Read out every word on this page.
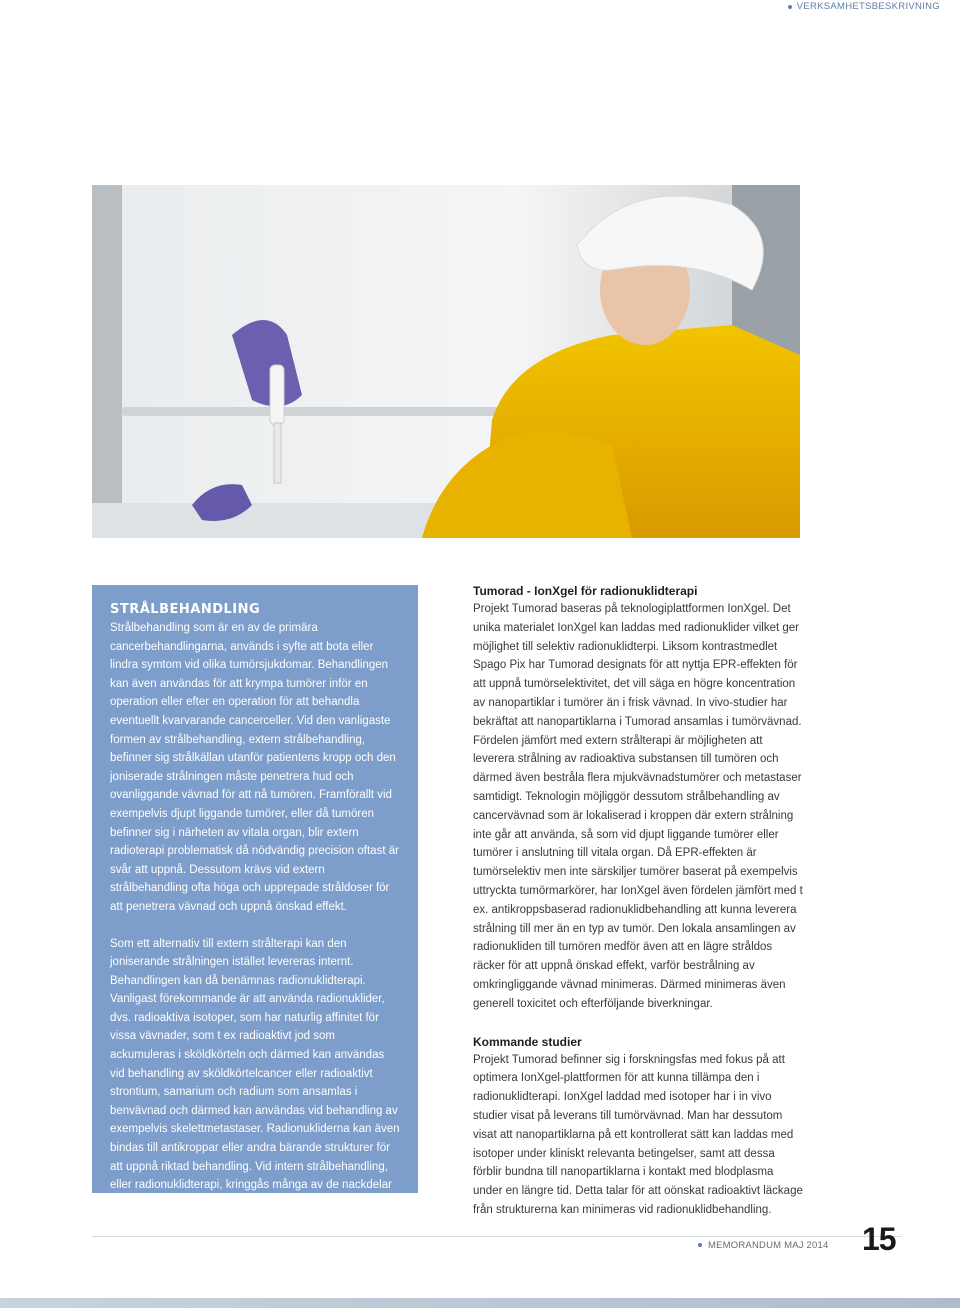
VERKSAMHETSBESKRIVNING
STRÅLBEHANDLING

Strålbehandling som är en av de primära cancerbehandlingarna, används i syfte att bota eller lindra symtom vid olika tumörsjukdomar. Behandlingen kan även användas för att krympa tumörer inför en operation eller efter en operation för att behandla eventuellt kvarvarande cancerceller. Vid den vanligaste formen av strålbehandling, extern strålbehandling, befinner sig strålkällan utanför patientens kropp och den joniserade strålningen måste penetrera hud och ovanliggande vävnad för att nå tumören. Framförallt vid exempelvis djupt liggande tumörer, eller då tumören befinner sig i närheten av vitala organ, blir extern radioterapi problematisk då nödvändig precision oftast är svår att uppnå. Dessutom krävs vid extern strålbehandling ofta höga och upprepade stråldoser för att penetrera vävnad och uppnå önskad effekt.

Som ett alternativ till extern strålterapi kan den joniserande strålningen istället levereras internt. Behandlingen kan då benämnas radionuklidterapi. Vanligast förekommande är att använda radionuklider, dvs. radioaktiva isotoper, som har naturlig affinitet för vissa vävnader, som t ex radioaktivt jod som ackumuleras i sköldkörteln och därmed kan användas vid behandling av sköldkörtelcancer eller radioaktivt strontium, samarium och radium som ansamlas i benvävnad och därmed kan användas vid behandling av exempelvis skelettmetastaser. Radionukliderna kan även bindas till antikroppar eller andra bärande strukturer för att uppnå riktad behandling. Vid intern strålbehandling, eller radionuklidterapi, kringgås många av de nackdelar som ses vid extern strålbehandling.

Tumorad - IonXgel för radionuklidterapi

Projekt Tumorad baseras på teknologiplattformen IonXgel. Det unika materialet IonXgel kan laddas med radionuklider vilket ger möjlighet till selektiv radionuklidterpi. Liksom kontrastmedlet Spago Pix har Tumorad designats för att nyttja EPR-effekten för att uppnå tumörselektivitet, det vill säga en högre koncentration av nanopartiklar i tumörer än i frisk vävnad. In vivo-studier har bekräftat att nanopartiklarna i Tumorad ansamlas i tumörvävnad. Fördelen jämfört med extern strålterapi är möjligheten att leverera strålning av radioaktiva substansen till tumören och därmed även bestråla flera mjukvävnadstumörer och metastaser samtidigt. Teknologin möjliggör dessutom strålbehandling av cancervävnad som är lokaliserad i kroppen där extern strålning inte går att använda, så som vid djupt liggande tumörer eller tumörer i anslutning till vitala organ. Då EPR-effekten är tumörselektiv men inte särskiljer tumörer baserat på exempelvis uttryckta tumörmarkörer, har IonXgel även fördelen jämfört med t ex. antikroppsbaserad radionuklidbehandling att kunna leverera strålning till mer än en typ av tumör. Den lokala ansamlingen av radionukliden till tumören medför även att en lägre stråldos räcker för att uppnå önskad effekt, varför bestrålning av omkringliggande vävnad minimeras. Därmed minimeras även generell toxicitet och efterföljande biverkningar.

Kommande studier

Projekt Tumorad befinner sig i forskningsfas med fokus på att optimera IonXgel-plattformen för att kunna tillämpa den i radionuklidterapi. IonXgel laddad med isotoper har i in vivo studier visat på leverans till tumörvävnad. Man har dessutom visat att nanopartiklarna på ett kontrollerat sätt kan laddas med isotoper under kliniskt relevanta betingelser, samt att dessa förblir bundna till nanopartiklarna i kontakt med blodplasma under en längre tid. Detta talar för att oönskat radioaktivt läckage från strukturerna kan minimeras vid radionuklidbehandling.

MEMORANDUM MAJ 2014 15
